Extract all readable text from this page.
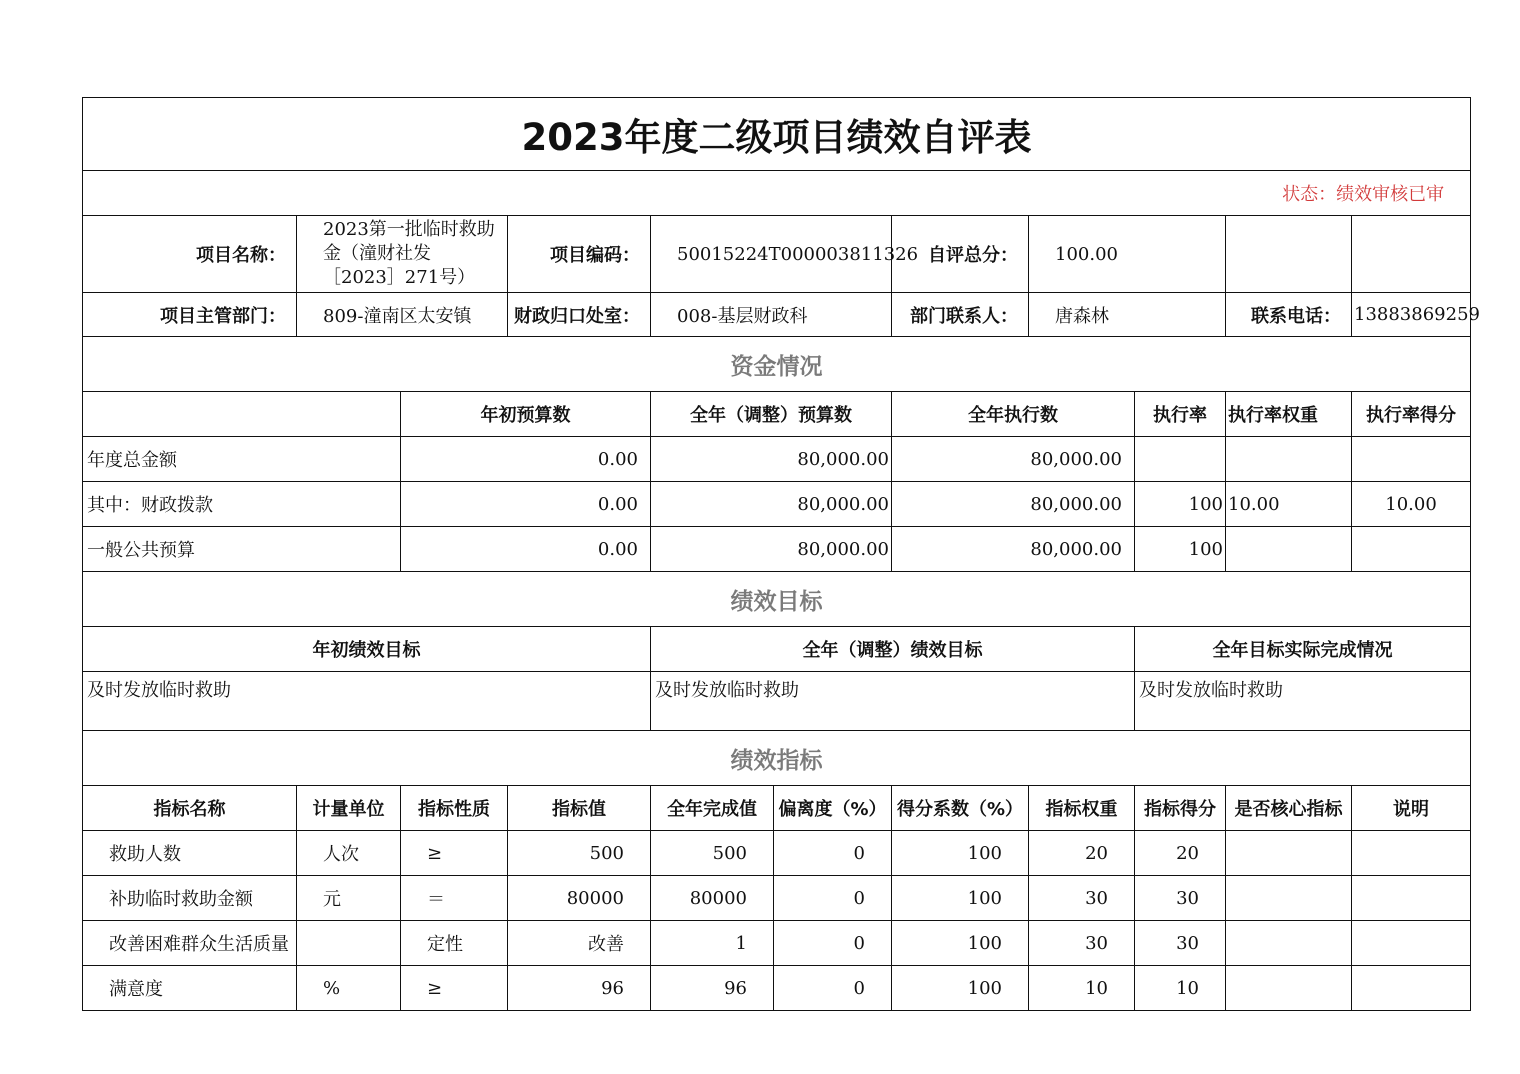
2023年度二级项目绩效自评表										
状态：绩效审核已审										
项目名称：	2023第一批临时救助金（潼财社发［2023］271号）		项目编码：	50015224T000003811326		自评总分：	100.00			
项目主管部门：	809-潼南区太安镇		财政归口处室：	008-基层财政科		部门联系人：	唐森林		联系电话：	13883869259
资金情况										
		年初预算数		全年（调整）预算数		全年执行数		执行率	执行率权重	执行率得分
年度总金额		0.00		80,000.00		80,000.00				
其中：财政拨款		0.00		80,000.00		80,000.00		100	10.00	10.00
一般公共预算		0.00		80,000.00		80,000.00		100		
绩效目标										
年初绩效目标				全年（调整）绩效目标				全年目标实际完成情况		
及时发放临时救助				及时发放临时救助				及时发放临时救助		
绩效指标										
指标名称	计量单位	指标性质	指标值	全年完成值	偏离度（%）	得分系数（%）	指标权重	指标得分	是否核心指标	说明
救助人数	人次	≥	500	500	0	100	20	20		
补助临时救助金额	元	＝	80000	80000	0	100	30	30		
改善困难群众生活质量		定性	改善	1	0	100	30	30		
满意度	%	≥	96	96	0	100	10	10		
